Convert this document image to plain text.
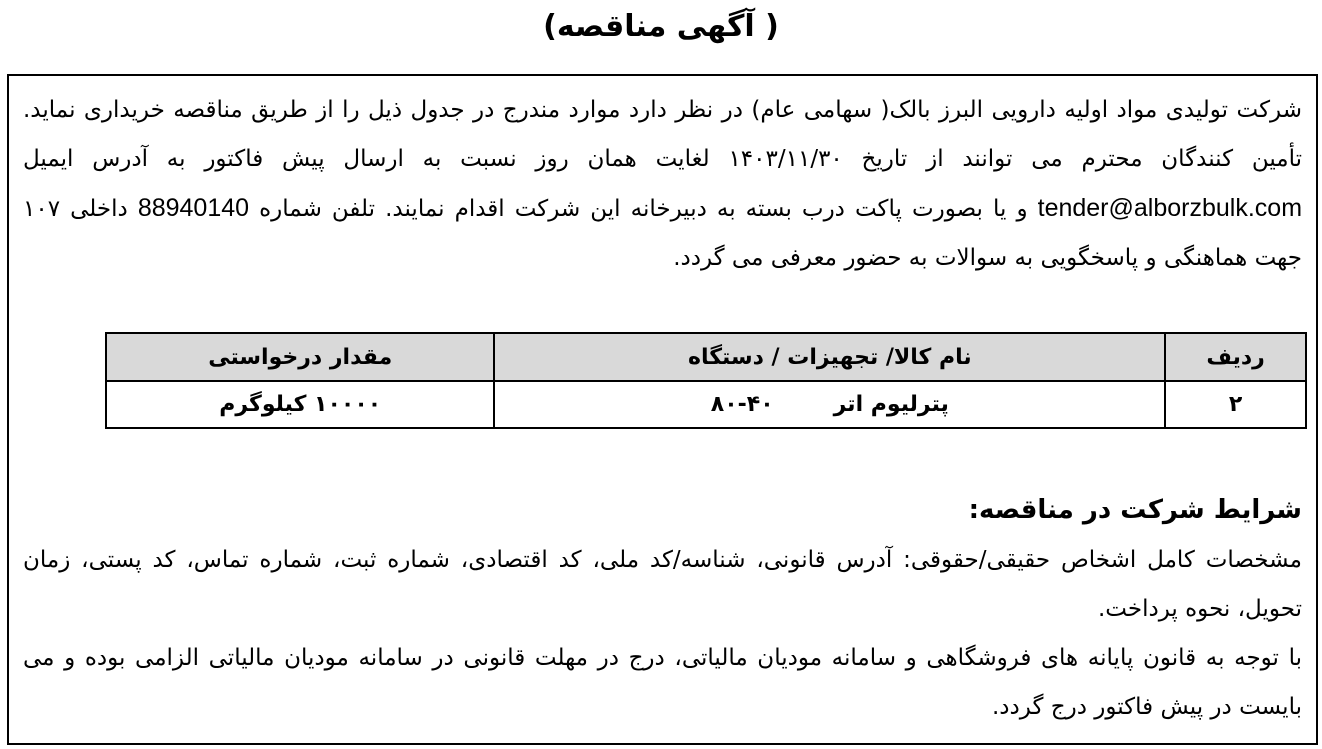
( آگهی مناقصه)

شرکت تولیدی مواد اولیه دارویی البرز بالک( سهامی عام) در نظر دارد موارد مندرج در جدول ذیل را از طریق مناقصه خریداری نماید. تأمین کنندگان محترم می توانند از تاریخ ۱۴۰۳/۱۱/۳۰ لغایت همان روز نسبت به ارسال پیش فاکتور به آدرس ایمیل tender@alborzbulk.com و یا بصورت پاکت درب بسته به دبیرخانه این شرکت اقدام نمایند. تلفن شماره 88940140 داخلی ۱۰۷ جهت هماهنگی و پاسخگویی به سوالات به حضور معرفی می گردد.

ردیف	نام کالا/ تجهیزات / دستگاه	مقدار درخواستی
۲	پترلیوم اتر۴۰-۸۰	۱۰۰۰۰ کیلوگرم

شرایط شرکت در مناقصه:

مشخصات کامل اشخاص حقیقی/حقوقی: آدرس قانونی، شناسه/کد ملی، کد اقتصادی، شماره ثبت، شماره تماس، کد پستی، زمان تحویل، نحوه پرداخت.

با توجه به قانون پایانه های فروشگاهی و سامانه مودیان مالیاتی، درج در مهلت قانونی در سامانه مودیان مالیاتی الزامی بوده و می بایست در پیش فاکتور درج گردد.
